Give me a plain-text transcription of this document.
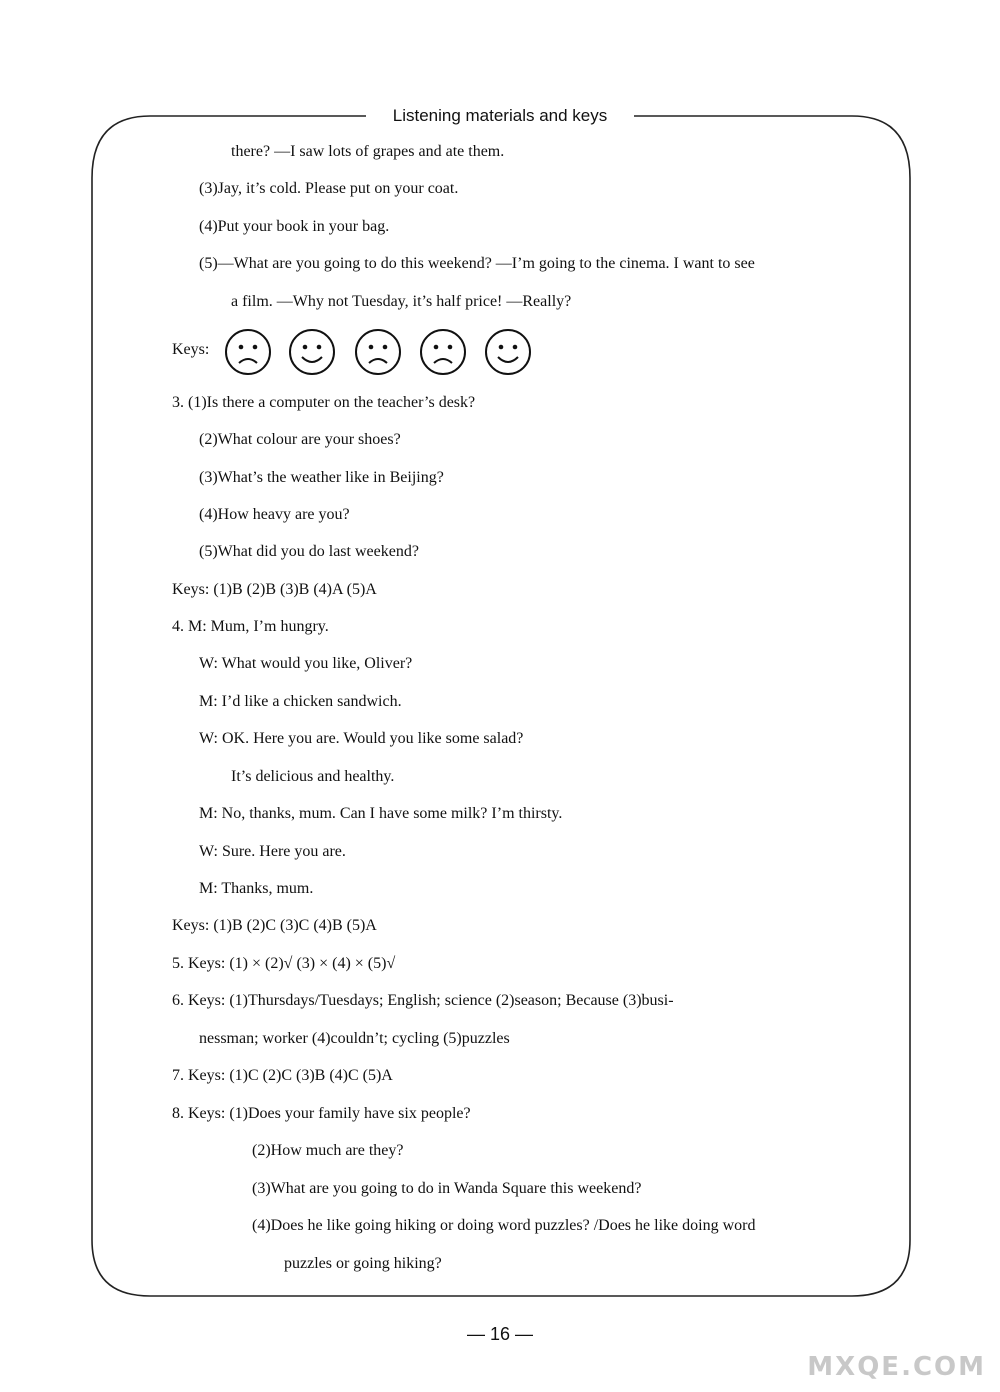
Listening materials and keys
there? —I saw lots of grapes and ate them.
(3)Jay, it’s cold. Please put on your coat.
(4)Put your book in your bag.
(5)—What are you going to do this weekend? —I’m going to the cinema. I want to see
a film. —Why not Tuesday, it’s half price! —Really?
Keys:
3. (1)Is there a computer on the teacher’s desk?
(2)What colour are your shoes?
(3)What’s the weather like in Beijing?
(4)How heavy are you?
(5)What did you do last weekend?
Keys: (1)B (2)B (3)B (4)A (5)A
4. M: Mum, I’m hungry.
W: What would you like, Oliver?
M: I’d like a chicken sandwich.
W: OK. Here you are. Would you like some salad?
It’s delicious and healthy.
M: No, thanks, mum. Can I have some milk? I’m thirsty.
W: Sure. Here you are.
M: Thanks, mum.
Keys: (1)B (2)C (3)C (4)B (5)A
5. Keys: (1) × (2)√ (3) × (4) × (5)√
6. Keys: (1)Thursdays/Tuesdays; English; science (2)season; Because (3)busi-
nessman; worker (4)couldn’t; cycling (5)puzzles
7. Keys: (1)C (2)C (3)B (4)C (5)A
8. Keys: (1)Does your family have six people?
(2)How much are they?
(3)What are you going to do in Wanda Square this weekend?
(4)Does he like going hiking or doing word puzzles? /Does he like doing word
puzzles or going hiking?
— 16 —
MXQE.COM
